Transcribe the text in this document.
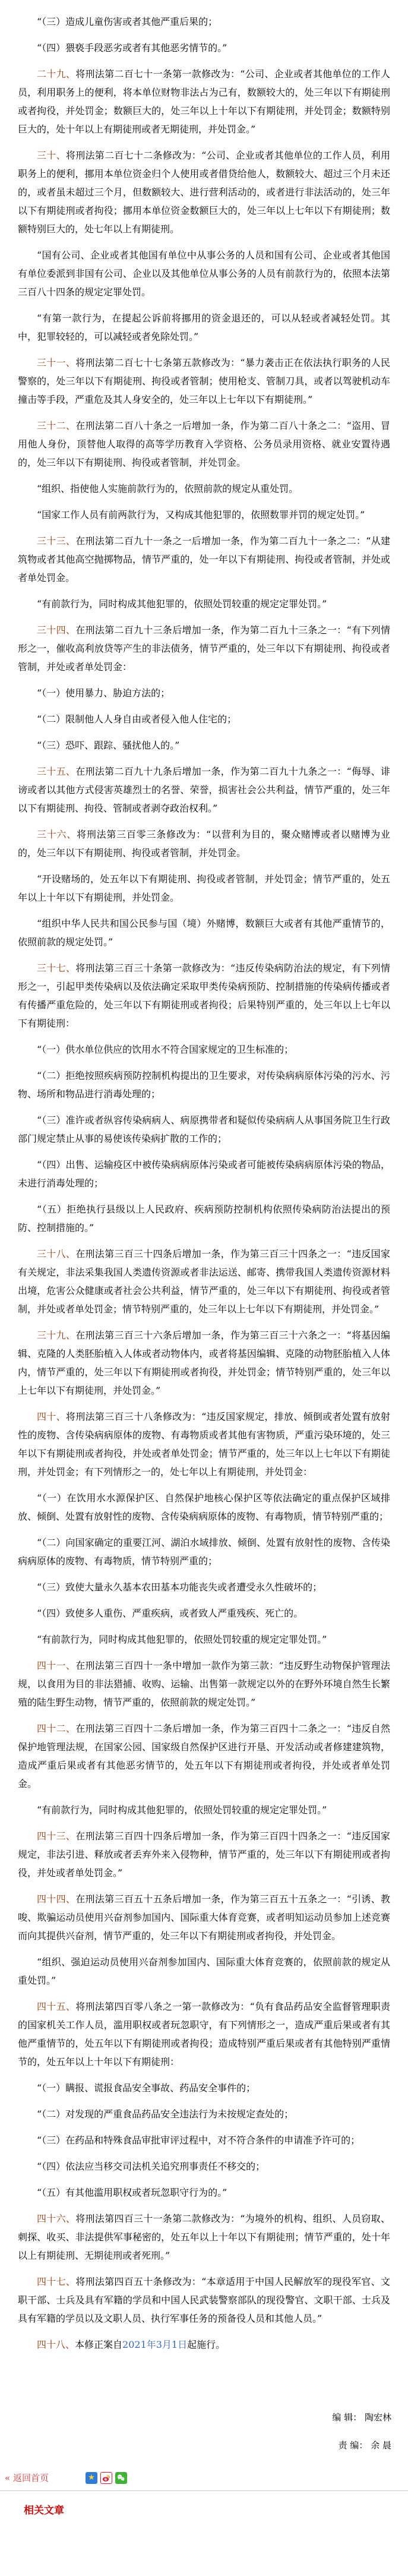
“（三）造成儿童伤害或者其他严重后果的；

“（四）猥亵手段恶劣或者有其他恶劣情节的。”

二十九、将刑法第二百七十一条第一款修改为：“公司、企业或者其他单位的工作人员，利用职务上的便利，将本单位财物非法占为己有，数额较大的，处三年以下有期徒刑或者拘役，并处罚金；数额巨大的，处三年以上十年以下有期徒刑，并处罚金；数额特别巨大的，处十年以上有期徒刑或者无期徒刑，并处罚金。”

三十、将刑法第二百七十二条修改为：“公司、企业或者其他单位的工作人员，利用职务上的便利，挪用本单位资金归个人使用或者借贷给他人，数额较大、超过三个月未还的，或者虽未超过三个月，但数额较大、进行营利活动的，或者进行非法活动的，处三年以下有期徒刑或者拘役；挪用本单位资金数额巨大的，处三年以上七年以下有期徒刑；数额特别巨大的，处七年以上有期徒刑。

“国有公司、企业或者其他国有单位中从事公务的人员和国有公司、企业或者其他国有单位委派到非国有公司、企业以及其他单位从事公务的人员有前款行为的，依照本法第三百八十四条的规定定罪处罚。

“有第一款行为，在提起公诉前将挪用的资金退还的，可以从轻或者减轻处罚。其中，犯罪较轻的，可以减轻或者免除处罚。”

三十一、将刑法第二百七十七条第五款修改为：“暴力袭击正在依法执行职务的人民警察的，处三年以下有期徒刑、拘役或者管制；使用枪支、管制刀具，或者以驾驶机动车撞击等手段，严重危及其人身安全的，处三年以上七年以下有期徒刑。”

三十二、在刑法第二百八十条之一后增加一条，作为第二百八十条之二：“盗用、冒用他人身份，顶替他人取得的高等学历教育入学资格、公务员录用资格、就业安置待遇的，处三年以下有期徒刑、拘役或者管制，并处罚金。

“组织、指使他人实施前款行为的，依照前款的规定从重处罚。

“国家工作人员有前两款行为，又构成其他犯罪的，依照数罪并罚的规定处罚。”

三十三、在刑法第二百九十一条之一后增加一条，作为第二百九十一条之二：“从建筑物或者其他高空抛掷物品，情节严重的，处一年以下有期徒刑、拘役或者管制，并处或者单处罚金。

“有前款行为，同时构成其他犯罪的，依照处罚较重的规定定罪处罚。”

三十四、在刑法第二百九十三条后增加一条，作为第二百九十三条之一：“有下列情形之一，催收高利放贷等产生的非法债务，情节严重的，处三年以下有期徒刑、拘役或者管制，并处或者单处罚金：

“（一）使用暴力、胁迫方法的；

“（二）限制他人人身自由或者侵入他人住宅的；

“（三）恐吓、跟踪、骚扰他人的。”

三十五、在刑法第二百九十九条后增加一条，作为第二百九十九条之一：“侮辱、诽谤或者以其他方式侵害英雄烈士的名誉、荣誉，损害社会公共利益，情节严重的，处三年以下有期徒刑、拘役、管制或者剥夺政治权利。”

三十六、将刑法第三百零三条修改为：“以营利为目的，聚众赌博或者以赌博为业的，处三年以下有期徒刑、拘役或者管制，并处罚金。

“开设赌场的，处五年以下有期徒刑、拘役或者管制，并处罚金；情节严重的，处五年以上十年以下有期徒刑，并处罚金。

“组织中华人民共和国公民参与国（境）外赌博，数额巨大或者有其他严重情节的，依照前款的规定处罚。”

三十七、将刑法第三百三十条第一款修改为：“违反传染病防治法的规定，有下列情形之一，引起甲类传染病以及依法确定采取甲类传染病预防、控制措施的传染病传播或者有传播严重危险的，处三年以下有期徒刑或者拘役；后果特别严重的，处三年以上七年以下有期徒刑：

“（一）供水单位供应的饮用水不符合国家规定的卫生标准的；

“（二）拒绝按照疾病预防控制机构提出的卫生要求，对传染病病原体污染的污水、污物、场所和物品进行消毒处理的；

“（三）准许或者纵容传染病病人、病原携带者和疑似传染病病人从事国务院卫生行政部门规定禁止从事的易使该传染病扩散的工作的；

“（四）出售、运输疫区中被传染病病原体污染或者可能被传染病病原体污染的物品，未进行消毒处理的；

“（五）拒绝执行县级以上人民政府、疾病预防控制机构依照传染病防治法提出的预防、控制措施的。”

三十八、在刑法第三百三十四条后增加一条，作为第三百三十四条之一：“违反国家有关规定，非法采集我国人类遗传资源或者非法运送、邮寄、携带我国人类遗传资源材料出境，危害公众健康或者社会公共利益，情节严重的，处三年以下有期徒刑、拘役或者管制，并处或者单处罚金；情节特别严重的，处三年以上七年以下有期徒刑，并处罚金。”

三十九、在刑法第三百三十六条后增加一条，作为第三百三十六条之一：“将基因编辑、克隆的人类胚胎植入人体或者动物体内，或者将基因编辑、克隆的动物胚胎植入人体内，情节严重的，处三年以下有期徒刑或者拘役，并处罚金；情节特别严重的，处三年以上七年以下有期徒刑，并处罚金。”

四十、将刑法第三百三十八条修改为：“违反国家规定，排放、倾倒或者处置有放射性的废物、含传染病病原体的废物、有毒物质或者其他有害物质，严重污染环境的，处三年以下有期徒刑或者拘役，并处或者单处罚金；情节严重的，处三年以上七年以下有期徒刑，并处罚金；有下列情形之一的，处七年以上有期徒刑，并处罚金：

“（一）在饮用水水源保护区、自然保护地核心保护区等依法确定的重点保护区域排放、倾倒、处置有放射性的废物、含传染病病原体的废物、有毒物质，情节特别严重的；

“（二）向国家确定的重要江河、湖泊水域排放、倾倒、处置有放射性的废物、含传染病病原体的废物、有毒物质，情节特别严重的；

“（三）致使大量永久基本农田基本功能丧失或者遭受永久性破坏的；

“（四）致使多人重伤、严重疾病，或者致人严重残疾、死亡的。

“有前款行为，同时构成其他犯罪的，依照处罚较重的规定定罪处罚。”

四十一、在刑法第三百四十一条中增加一款作为第三款：“违反野生动物保护管理法规，以食用为目的非法猎捕、收购、运输、出售第一款规定以外的在野外环境自然生长繁殖的陆生野生动物，情节严重的，依照前款的规定处罚。”

四十二、在刑法第三百四十二条后增加一条，作为第三百四十二条之一：“违反自然保护地管理法规，在国家公园、国家级自然保护区进行开垦、开发活动或者修建建筑物，造成严重后果或者有其他恶劣情节的，处五年以下有期徒刑或者拘役，并处或者单处罚金。

“有前款行为，同时构成其他犯罪的，依照处罚较重的规定定罪处罚。”

四十三、在刑法第三百四十四条后增加一条，作为第三百四十四条之一：“违反国家规定，非法引进、释放或者丢弃外来入侵物种，情节严重的，处三年以下有期徒刑或者拘役，并处或者单处罚金。”

四十四、在刑法第三百五十五条后增加一条，作为第三百五十五条之一：“引诱、教唆、欺骗运动员使用兴奋剂参加国内、国际重大体育竞赛，或者明知运动员参加上述竞赛而向其提供兴奋剂，情节严重的，处三年以下有期徒刑或者拘役，并处罚金。

“组织、强迫运动员使用兴奋剂参加国内、国际重大体育竞赛的，依照前款的规定从重处罚。”

四十五、将刑法第四百零八条之一第一款修改为：“负有食品药品安全监督管理职责的国家机关工作人员，滥用职权或者玩忽职守，有下列情形之一，造成严重后果或者有其他严重情节的，处五年以下有期徒刑或者拘役；造成特别严重后果或者有其他特别严重情节的，处五年以上十年以下有期徒刑：

“（一）瞒报、谎报食品安全事故、药品安全事件的；

“（二）对发现的严重食品药品安全违法行为未按规定查处的；

“（三）在药品和特殊食品审批审评过程中，对不符合条件的申请准予许可的；

“（四）依法应当移交司法机关追究刑事责任不移交的；

“（五）有其他滥用职权或者玩忽职守行为的。”

四十六、将刑法第四百三十一条第二款修改为：“为境外的机构、组织、人员窃取、刺探、收买、非法提供军事秘密的，处五年以上十年以下有期徒刑；情节严重的，处十年以上有期徒刑、无期徒刑或者死刑。”

四十七、将刑法第四百五十条修改为：“本章适用于中国人民解放军的现役军官、文职干部、士兵及具有军籍的学员和中国人民武装警察部队的现役警官、文职干部、士兵及具有军籍的学员以及文职人员、执行军事任务的预备役人员和其他人员。”

四十八、本修正案自2021年3月1日起施行。

编 辑： 陶宏林
责 编： 余 晨
« 返回首页	★
相关文章
